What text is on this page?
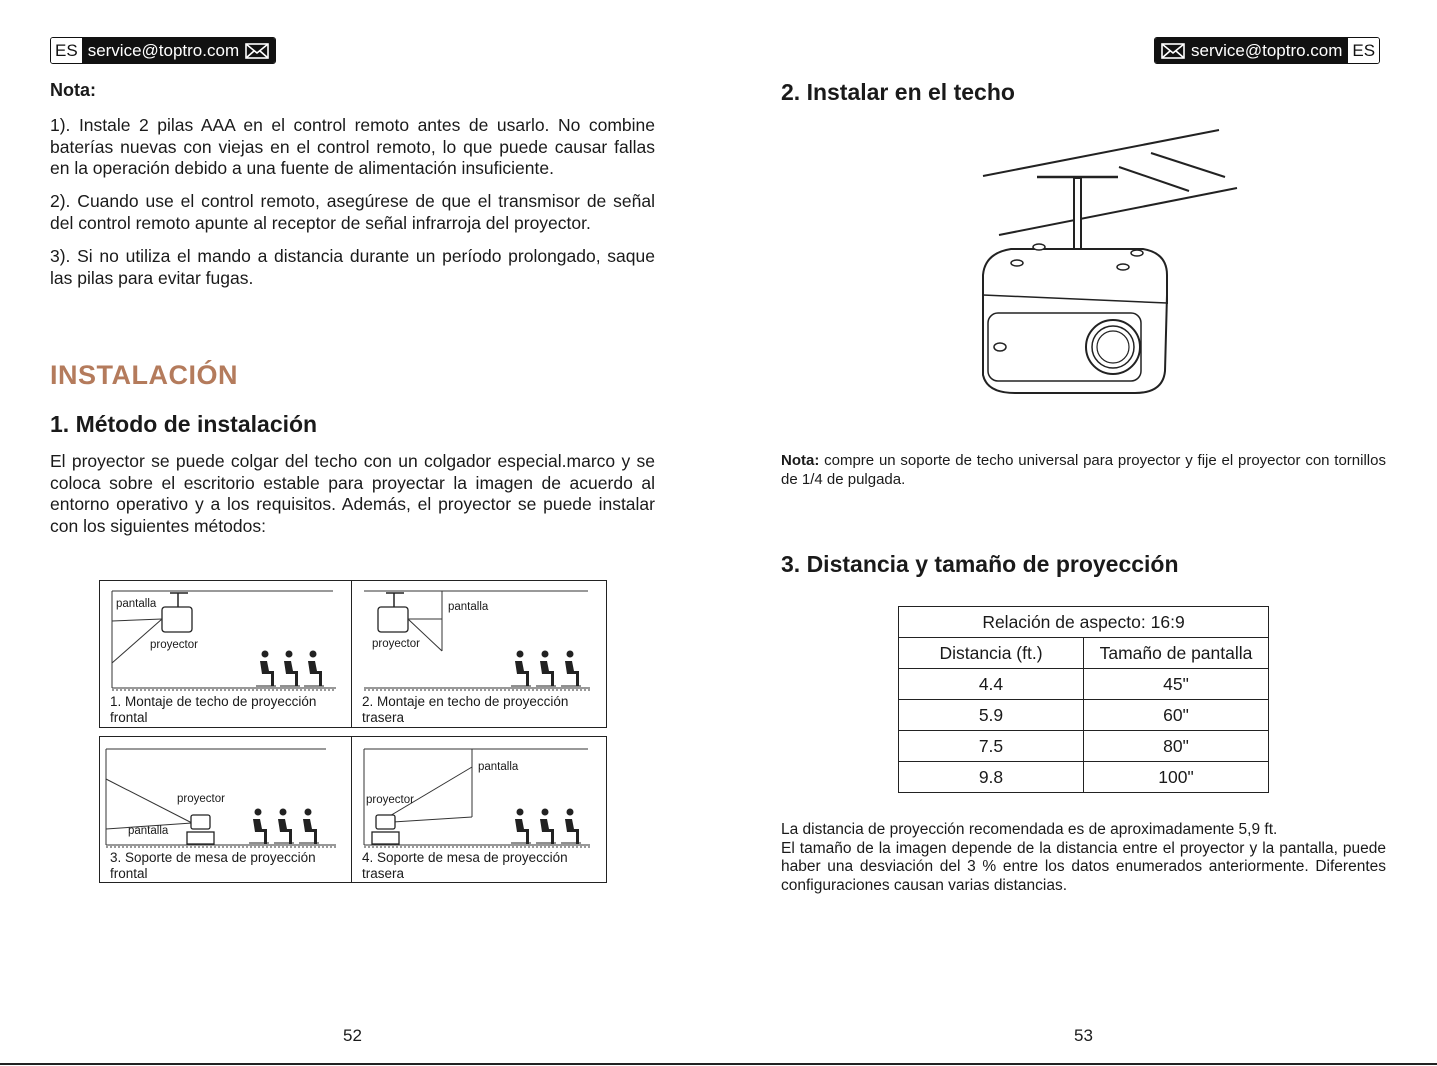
ES service@toptro.com
Nota:

1). Instale 2 pilas AAA en el control remoto antes de usarlo. No combine baterías nuevas con viejas en el control remoto, lo que puede causar fallas en la operación debido a una fuente de alimentación insuficiente.

2). Cuando use el control remoto, asegúrese de que el transmisor de señal del control remoto apunte al receptor de señal infrarroja del proyector.

3). Si no utiliza el mando a distancia durante un período prolongado, saque las pilas para evitar fugas.

INSTALACIÓN
1. Método de instalación

El proyector se puede colgar del techo con un colgador especial.marco y se coloca sobre el escritorio estable para proyectar la imagen de acuerdo al entorno operativo y a los requisitos. Además, el proyector se puede instalar con los siguientes métodos:

pantalla
proyector
1. Montaje de techo de proyección
frontal
pantalla
proyector
2. Montaje en techo de proyección
trasera
proyector
pantalla
3. Soporte de mesa de proyección
frontal
pantalla
proyector
4. Soporte de mesa de proyección
trasera
52
service@toptro.com ES
2. Instalar en el techo
Nota: compre un soporte de techo universal para proyector y fije el proyector con tornillos de 1/4 de pulgada.
3. Distancia y tamaño de proyección
Relación de aspecto: 16:9	
Distancia (ft.)	Tamaño de pantalla
4.4	45"
5.9	60"
7.5	80"
9.8	100"
La distancia de proyección recomendada es de aproximadamente 5,9 ft.
El tamaño de la imagen depende de la distancia entre el proyector y la pantalla, puede haber una desviación del 3 % entre los datos enumerados anteriormente. Diferentes configuraciones causan varias distancias.
53
